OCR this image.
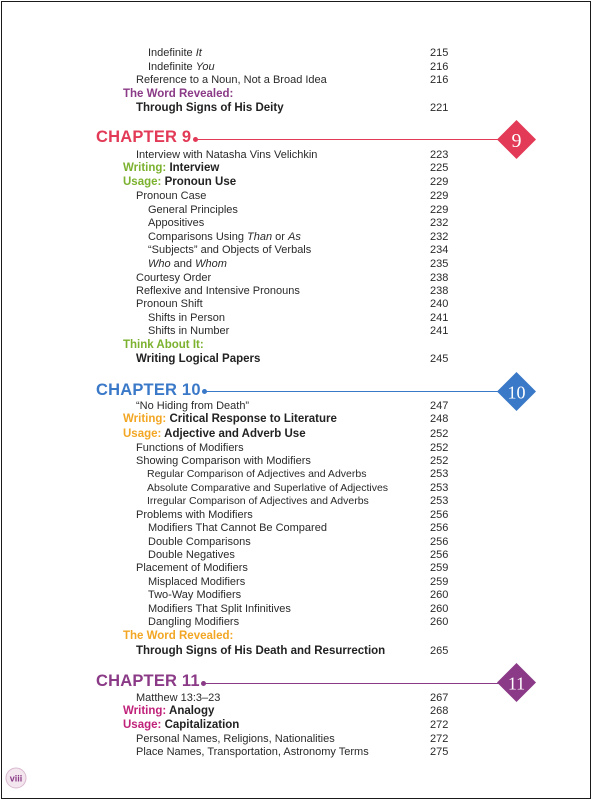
Indefinite It	215
Indefinite You	216
Reference to a Noun, Not a Broad Idea	216
The Word Revealed:
Through Signs of His Deity	221
CHAPTER 9	9
Interview with Natasha Vins Velichkin	223
Writing: Interview	225
Usage: Pronoun Use	229
Pronoun Case	229
General Principles	229
Appositives	232
Comparisons Using Than or As	232
“Subjects” and Objects of Verbals	234
Who and Whom	235
Courtesy Order	238
Reflexive and Intensive Pronouns	238
Pronoun Shift	240
Shifts in Person	241
Shifts in Number	241
Think About It:
Writing Logical Papers	245
CHAPTER 10	10
“No Hiding from Death”	247
Writing: Critical Response to Literature	248
Usage: Adjective and Adverb Use	252
Functions of Modifiers	252
Showing Comparison with Modifiers	252
Regular Comparison of Adjectives and Adverbs	253
Absolute Comparative and Superlative of Adjectives	253
Irregular Comparison of Adjectives and Adverbs	253
Problems with Modifiers	256
Modifiers That Cannot Be Compared	256
Double Comparisons	256
Double Negatives	256
Placement of Modifiers	259
Misplaced Modifiers	259
Two-Way Modifiers	260
Modifiers That Split Infinitives	260
Dangling Modifiers	260
The Word Revealed:
Through Signs of His Death and Resurrection	265
CHAPTER 11	11
Matthew 13:3–23	267
Writing: Analogy	268
Usage: Capitalization	272
Personal Names, Religions, Nationalities	272
Place Names, Transportation, Astronomy Terms	275
viii
